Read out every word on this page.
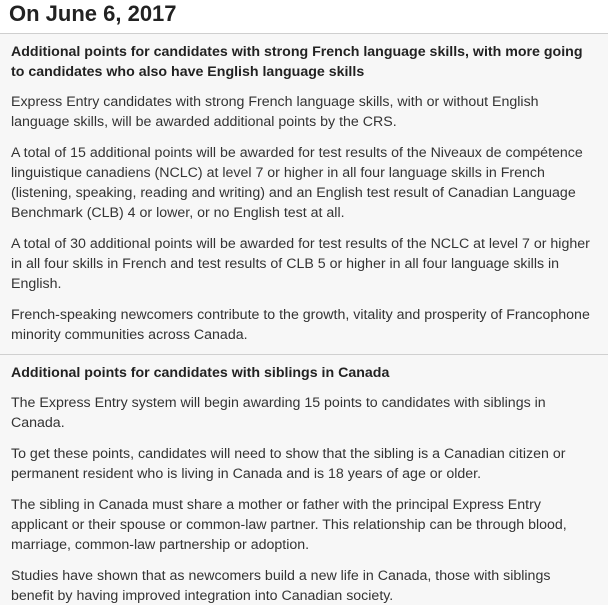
On June 6, 2017

Additional points for candidates with strong French language skills, with more going to candidates who also have English language skills

Express Entry candidates with strong French language skills, with or without English language skills, will be awarded additional points by the CRS.

A total of 15 additional points will be awarded for test results of the Niveaux de compétence linguistique canadiens (NCLC) at level 7 or higher in all four language skills in French (listening, speaking, reading and writing) and an English test result of Canadian Language Benchmark (CLB) 4 or lower, or no English test at all.

A total of 30 additional points will be awarded for test results of the NCLC at level 7 or higher in all four skills in French and test results of CLB 5 or higher in all four language skills in English.

French-speaking newcomers contribute to the growth, vitality and prosperity of Francophone minority communities across Canada.

Additional points for candidates with siblings in Canada

The Express Entry system will begin awarding 15 points to candidates with siblings in Canada.

To get these points, candidates will need to show that the sibling is a Canadian citizen or permanent resident who is living in Canada and is 18 years of age or older.

The sibling in Canada must share a mother or father with the principal Express Entry applicant or their spouse or common-law partner. This relationship can be through blood, marriage, common-law partnership or adoption.

Studies have shown that as newcomers build a new life in Canada, those with siblings benefit by having improved integration into Canadian society.
